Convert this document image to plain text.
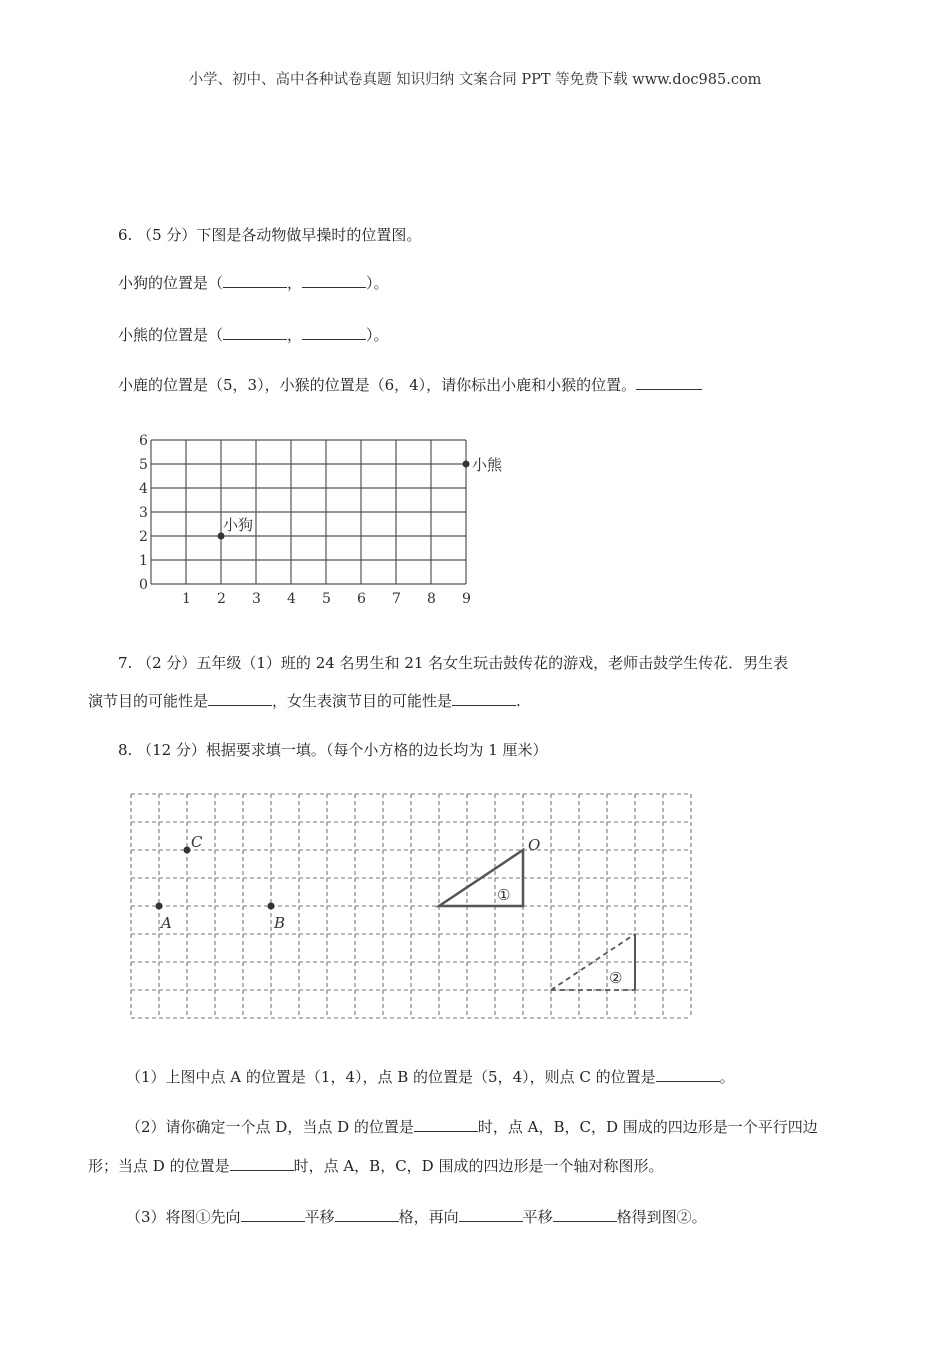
小学、初中、高中各种试卷真题 知识归纳 文案合同 PPT 等免费下载 www.doc985.com
6. （5 分）下图是各动物做早操时的位置图。
小狗的位置是（	，	）。
小熊的位置是（	，	）。
小鹿的位置是（5，3），小猴的位置是（6，4），请你标出小鹿和小猴的位置。
0
1
2
3
4
5
6
1 2 3 4 5 6 7 8 9
小狗
小熊
7. （2 分）五年级（1）班的 24 名男生和 21 名女生玩击鼓传花的游戏，老师击鼓学生传花．男生表
演节目的可能性是	，女生表演节目的可能性是	.
8. （12 分）根据要求填一填。（每个小方格的边长均为 1 厘米）
C
A	B
O
①
②
（1）上图中点 A 的位置是（1，4），点 B 的位置是（5，4），则点 C 的位置是	。
（2）请你确定一个点 D，当点 D 的位置是	时，点 A，B，C，D 围成的四边形是一个平行四边
形；当点 D 的位置是	时，点 A，B，C，D 围成的四边形是一个轴对称图形。
（3）将图①先向	平移	格，再向	平移	格得到图②。
